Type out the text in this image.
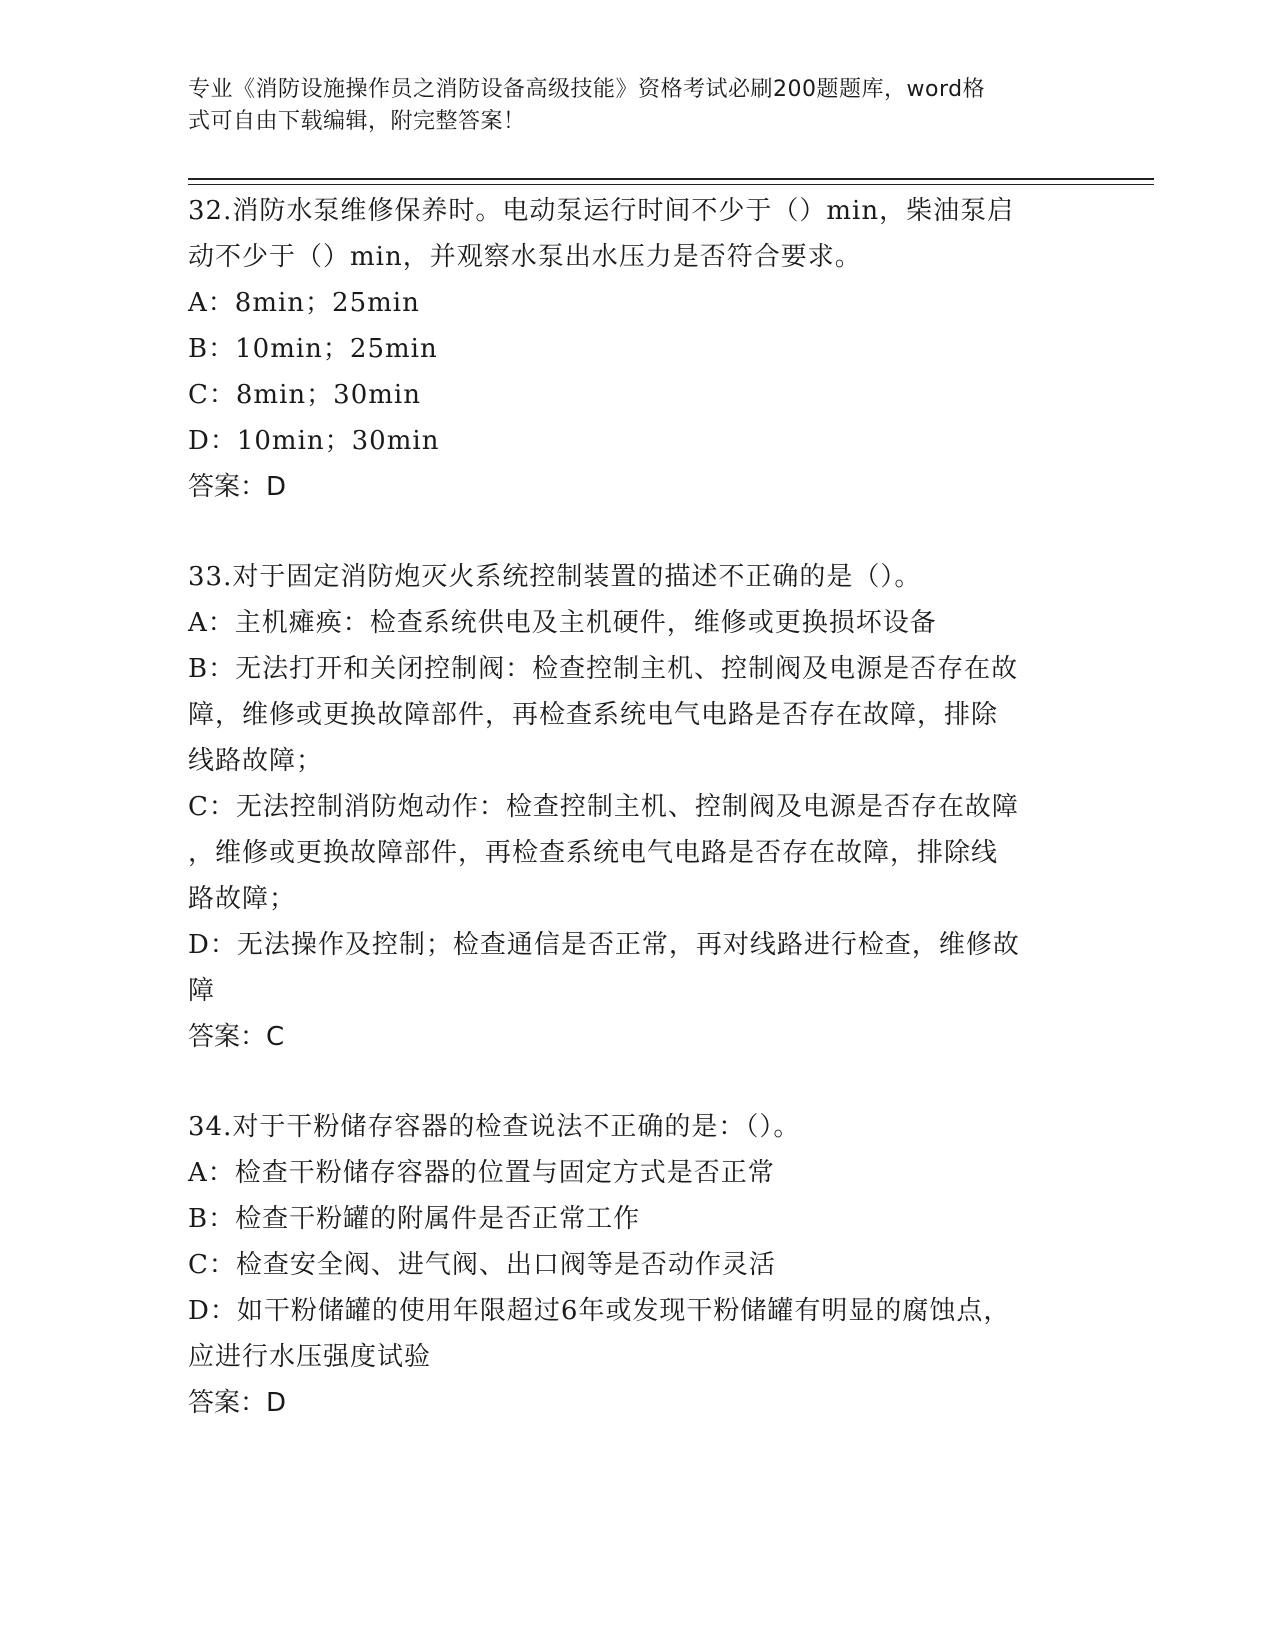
专业《消防设施操作员之消防设备高级技能》资格考试必刷200题题库，word格
式可自由下载编辑，附完整答案！
32.消防水泵维修保养时。电动泵运行时间不少于（）min，柴油泵启
动不少于（）min，并观察水泵出水压力是否符合要求。
A：8min；25min
B：10min；25min
C：8min；30min
D：10min；30min
答案：D
33.对于固定消防炮灭火系统控制装置的描述不正确的是（）。
A：主机瘫痪：检查系统供电及主机硬件，维修或更换损坏设备
B：无法打开和关闭控制阀：检查控制主机、控制阀及电源是否存在故
障，维修或更换故障部件，再检查系统电气电路是否存在故障，排除
线路故障；
C：无法控制消防炮动作：检查控制主机、控制阀及电源是否存在故障
，维修或更换故障部件，再检查系统电气电路是否存在故障，排除线
路故障；
D：无法操作及控制；检查通信是否正常，再对线路进行检查，维修故
障
答案：C
34.对于干粉储存容器的检查说法不正确的是：（）。
A：检查干粉储存容器的位置与固定方式是否正常
B：检查干粉罐的附属件是否正常工作
C：检查安全阀、进气阀、出口阀等是否动作灵活
D：如干粉储罐的使用年限超过6年或发现干粉储罐有明显的腐蚀点，
应进行水压强度试验
答案：D
